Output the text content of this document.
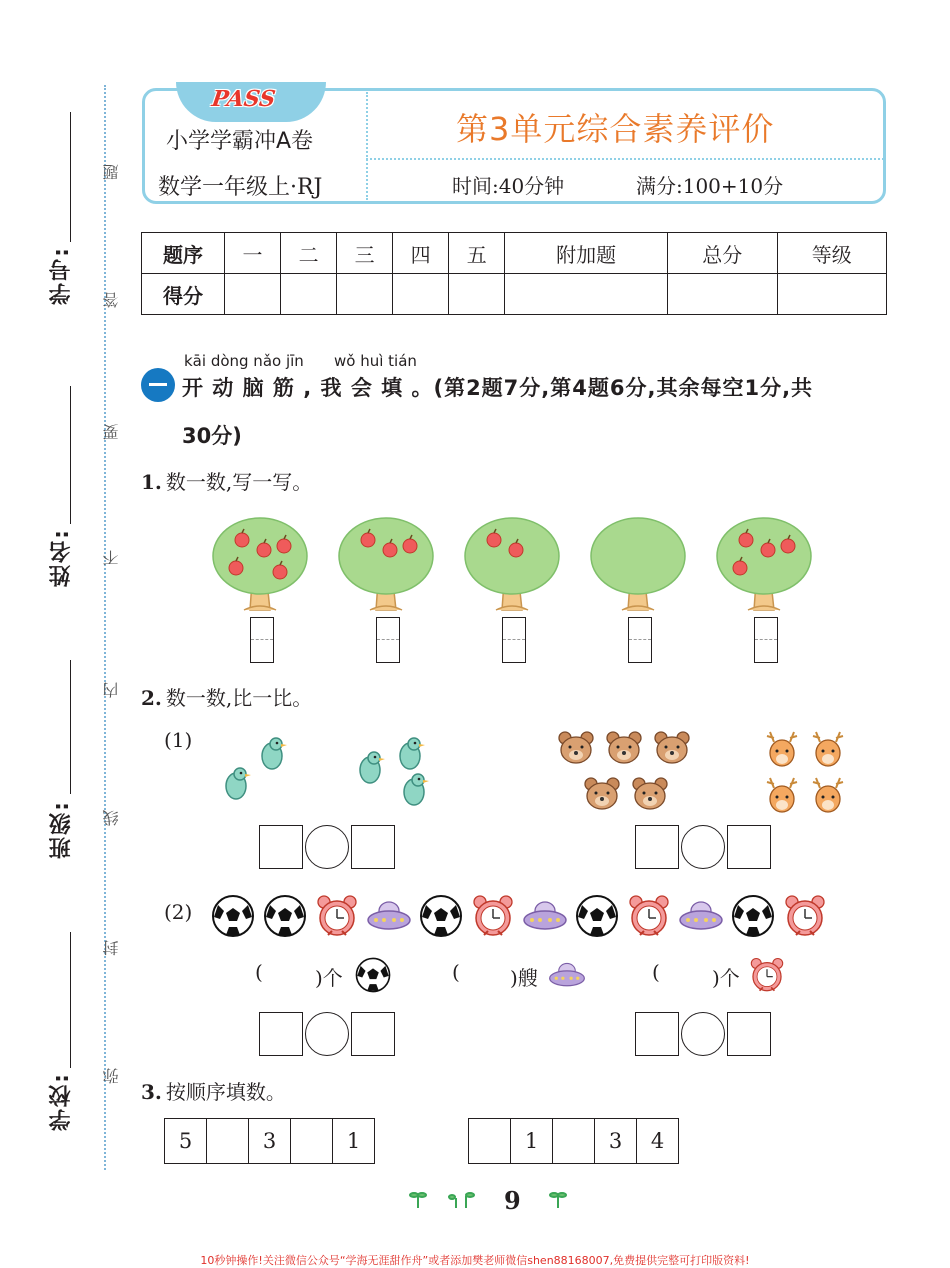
学号:
姓名:
班级:
学校:
题
答
要
不
内
线
封
弥
PASS
小学学霸冲A卷
数学一年级上·RJ
第3单元综合素养评价
时间:40分钟	满分:100+10分
题序	一	二	三	四	五	附加题	总分	等级
得分								
kāi dòng nǎo jīn wǒ huì tián
开 动 脑 筋 , 我 会 填 。(第2题7分,第4题6分,其余每空1分,共
30分)
1. 数一数,写一写。
2. 数一数,比一比。
(1)
(2)
(	)个	(	)艘	(	)个
3. 按顺序填数。
5		3		1
		1		3	4
9
10秒钟操作!关注微信公众号“学海无涯甜作舟”或者添加樊老师微信shen88168007,免费提供完整可打印版资料!
